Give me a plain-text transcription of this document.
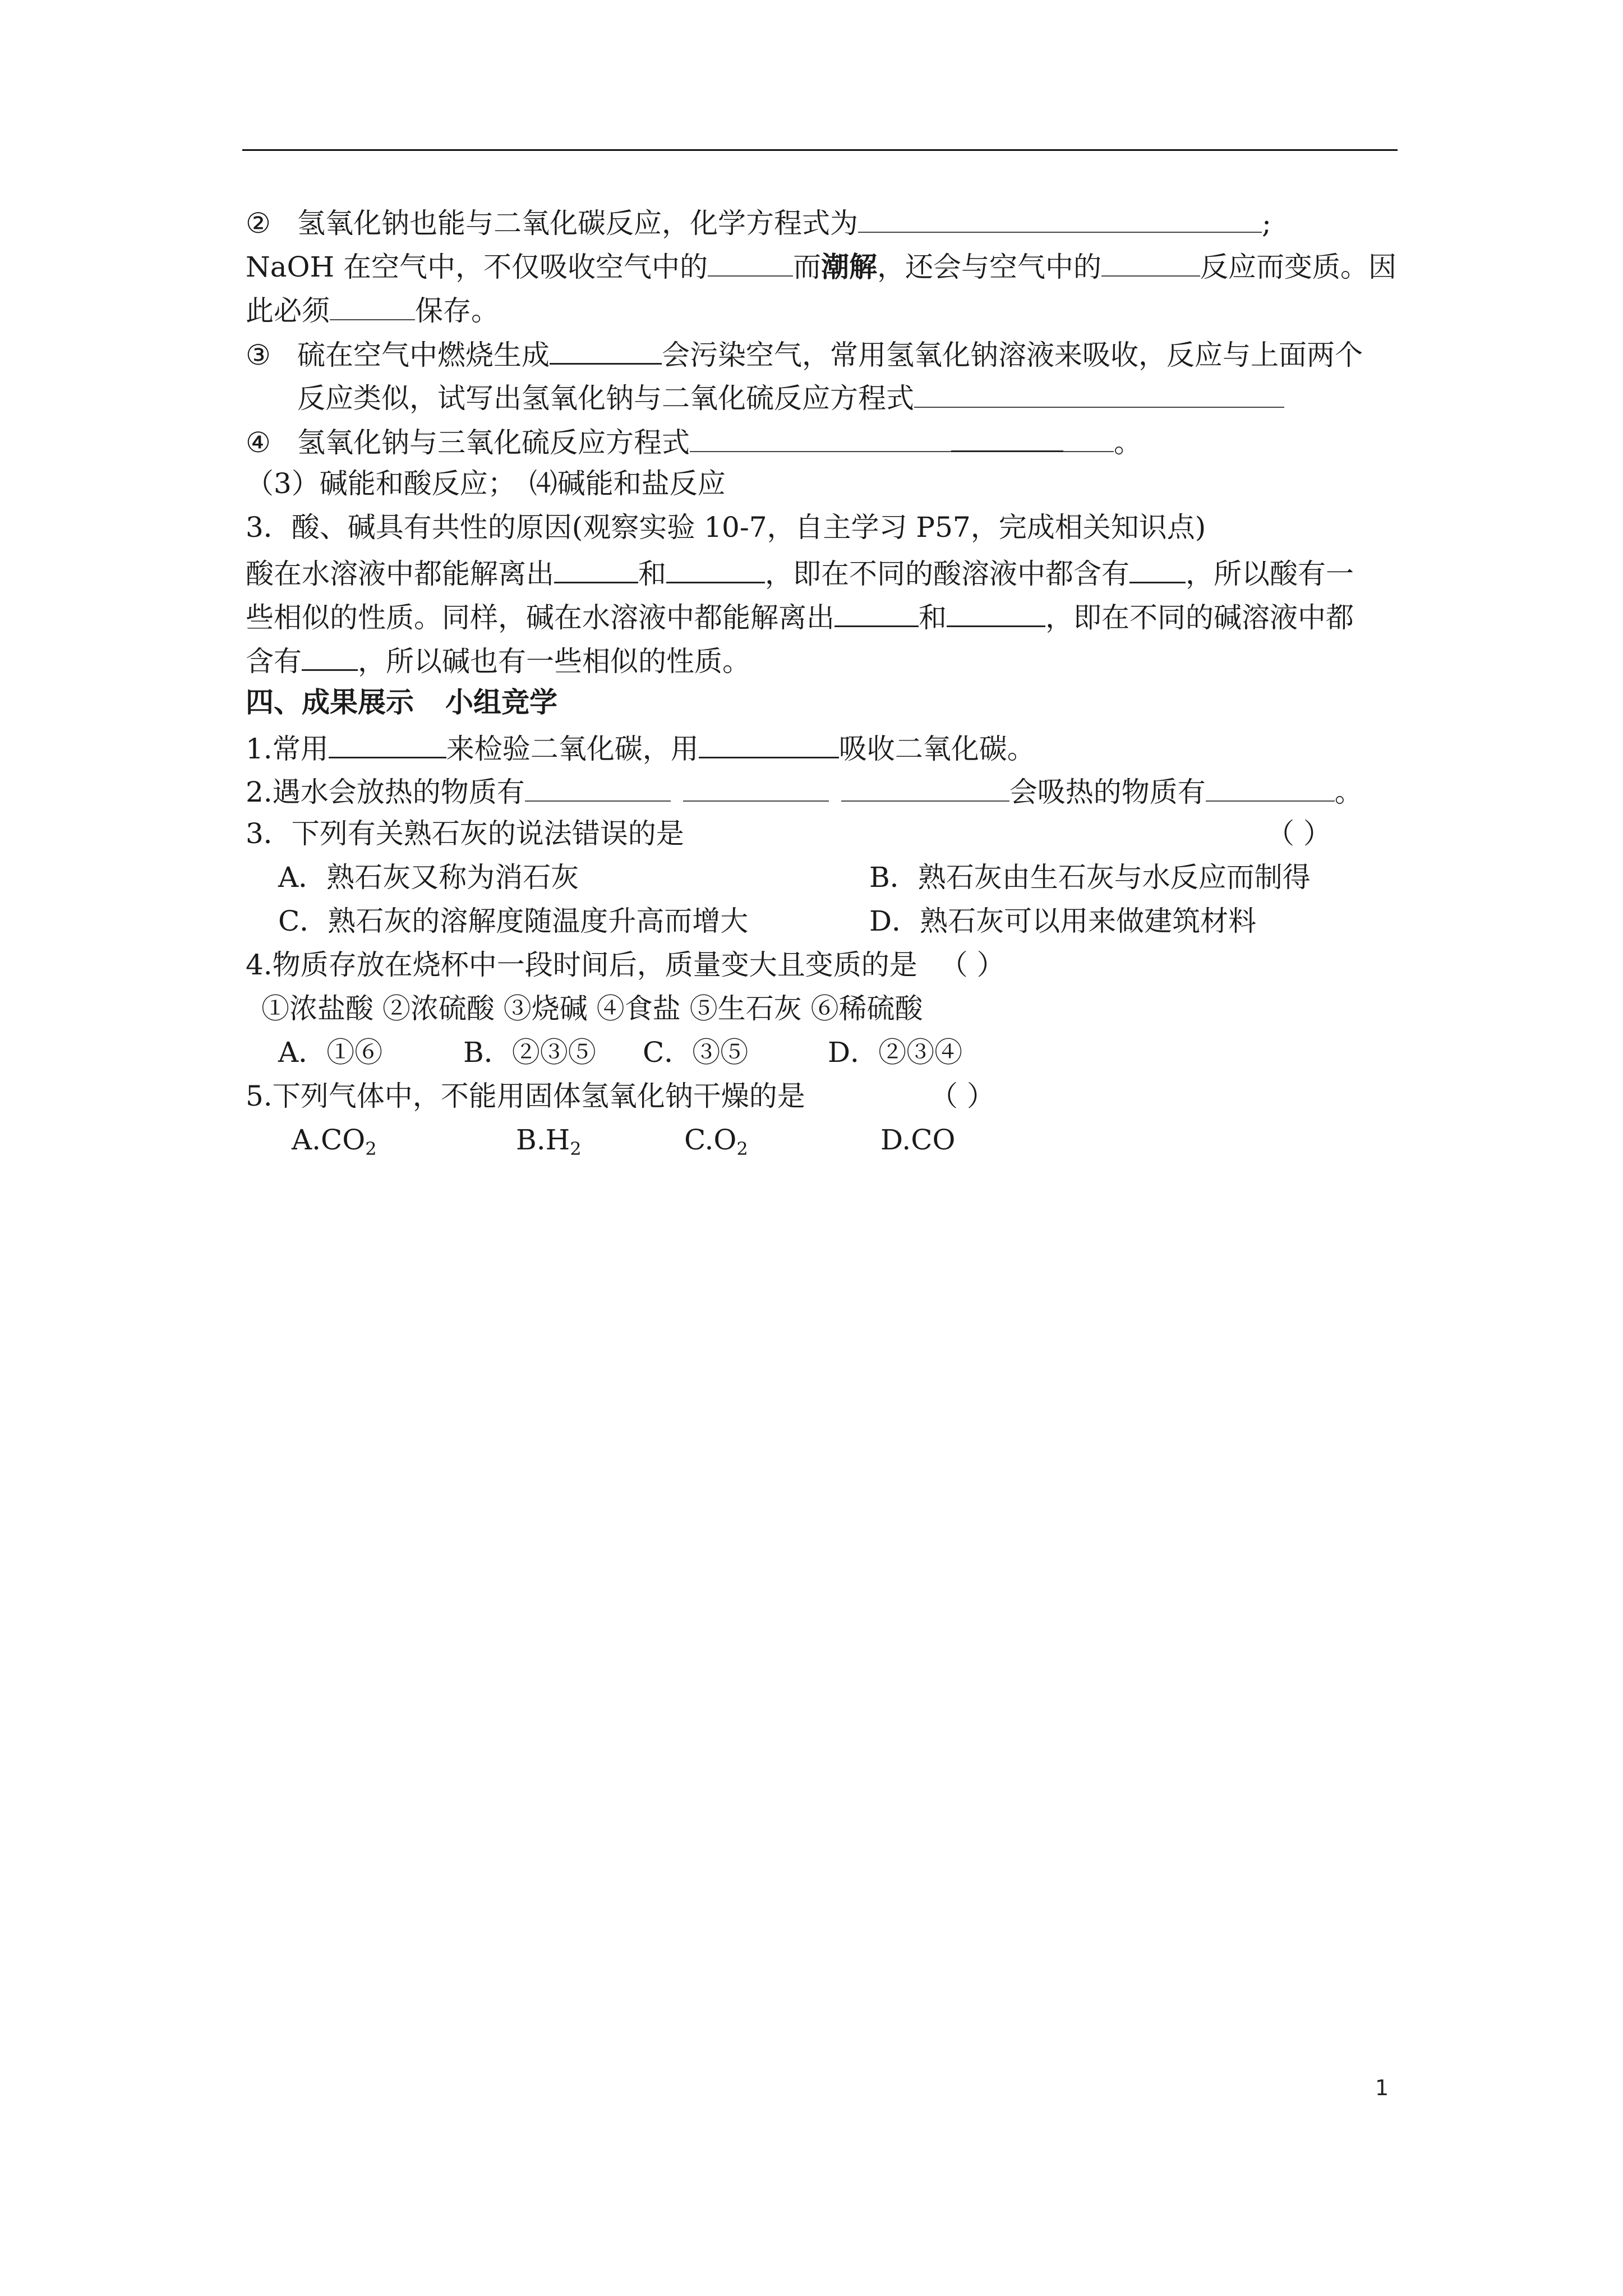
② 氢氧化钠也能与二氧化碳反应，化学方程式为	;
NaOH 在空气中，不仅吸收空气中的	而潮解，还会与空气中的	反应而变质。因
此必须	保存。
③ 硫在空气中燃烧生成	会污染空气，常用氢氧化钠溶液来吸收，反应与上面两个
反应类似，试写出氢氧化钠与二氧化硫反应方程式
④ 氢氧化钠与三氧化硫反应方程式	。
（3）碱能和酸反应； ⑷碱能和盐反应
3．酸、碱具有共性的原因(观察实验 10-7，自主学习 P57，完成相关知识点)
酸在水溶液中都能解离出	和	，即在不同的酸溶液中都含有 ，所以酸有一
些相似的性质。同样，碱在水溶液中都能解离出	和	，即在不同的碱溶液中都
含有 ，所以碱也有一些相似的性质。
四、成果展示 小组竞学
1.常用	来检验二氧化碳，用	吸收二氧化碳。
2.遇水会放热的物质有	会吸热的物质有	。
3．下列有关熟石灰的说法错误的是	（ ）
A．熟石灰又称为消石灰	B．熟石灰由生石灰与水反应而制得
C．熟石灰的溶解度随温度升高而增大	D．熟石灰可以用来做建筑材料
4.物质存放在烧杯中一段时间后，质量变大且变质的是 （ ）
①浓盐酸 ②浓硫酸 ③烧碱 ④食盐 ⑤生石灰 ⑥稀硫酸
A．①⑥	B．②③⑤ C．③⑤	D．②③④
5.下列气体中，不能用固体氢氧化钠干燥的是	（ ）
$A.CO_2$	$B.H_2$	$C.O_2$	D.CO
1
